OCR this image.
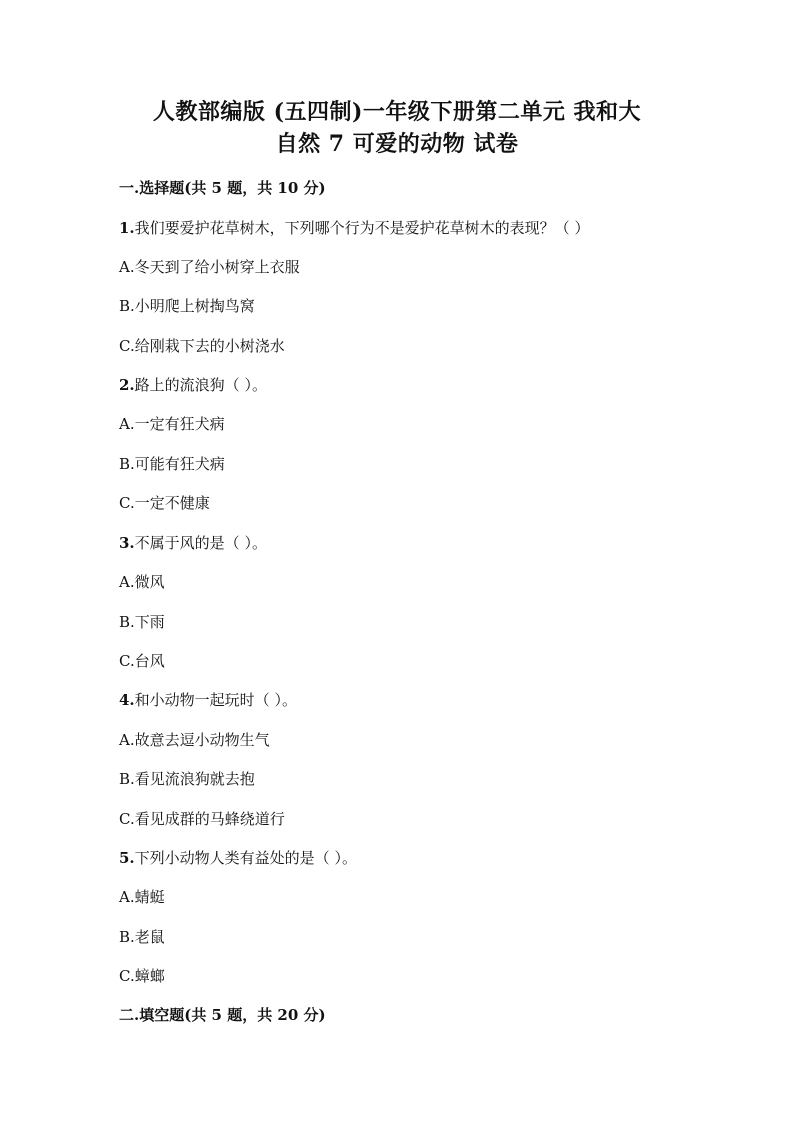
人教部编版 (五四制)一年级下册第二单元 我和大
自然 7 可爱的动物 试卷
一.选择题(共 5 题，共 10 分)
1.我们要爱护花草树木，下列哪个行为不是爱护花草树木的表现？（ ）
A.冬天到了给小树穿上衣服
B.小明爬上树掏鸟窝
C.给刚栽下去的小树浇水
2.路上的流浪狗（ ）。
A.一定有狂犬病
B.可能有狂犬病
C.一定不健康
3.不属于风的是（ ）。
A.微风
B.下雨
C.台风
4.和小动物一起玩时（ ）。
A.故意去逗小动物生气
B.看见流浪狗就去抱
C.看见成群的马蜂绕道行
5.下列小动物人类有益处的是（ ）。
A.蜻蜓
B.老鼠
C.蟑螂
二.填空题(共 5 题，共 20 分)
